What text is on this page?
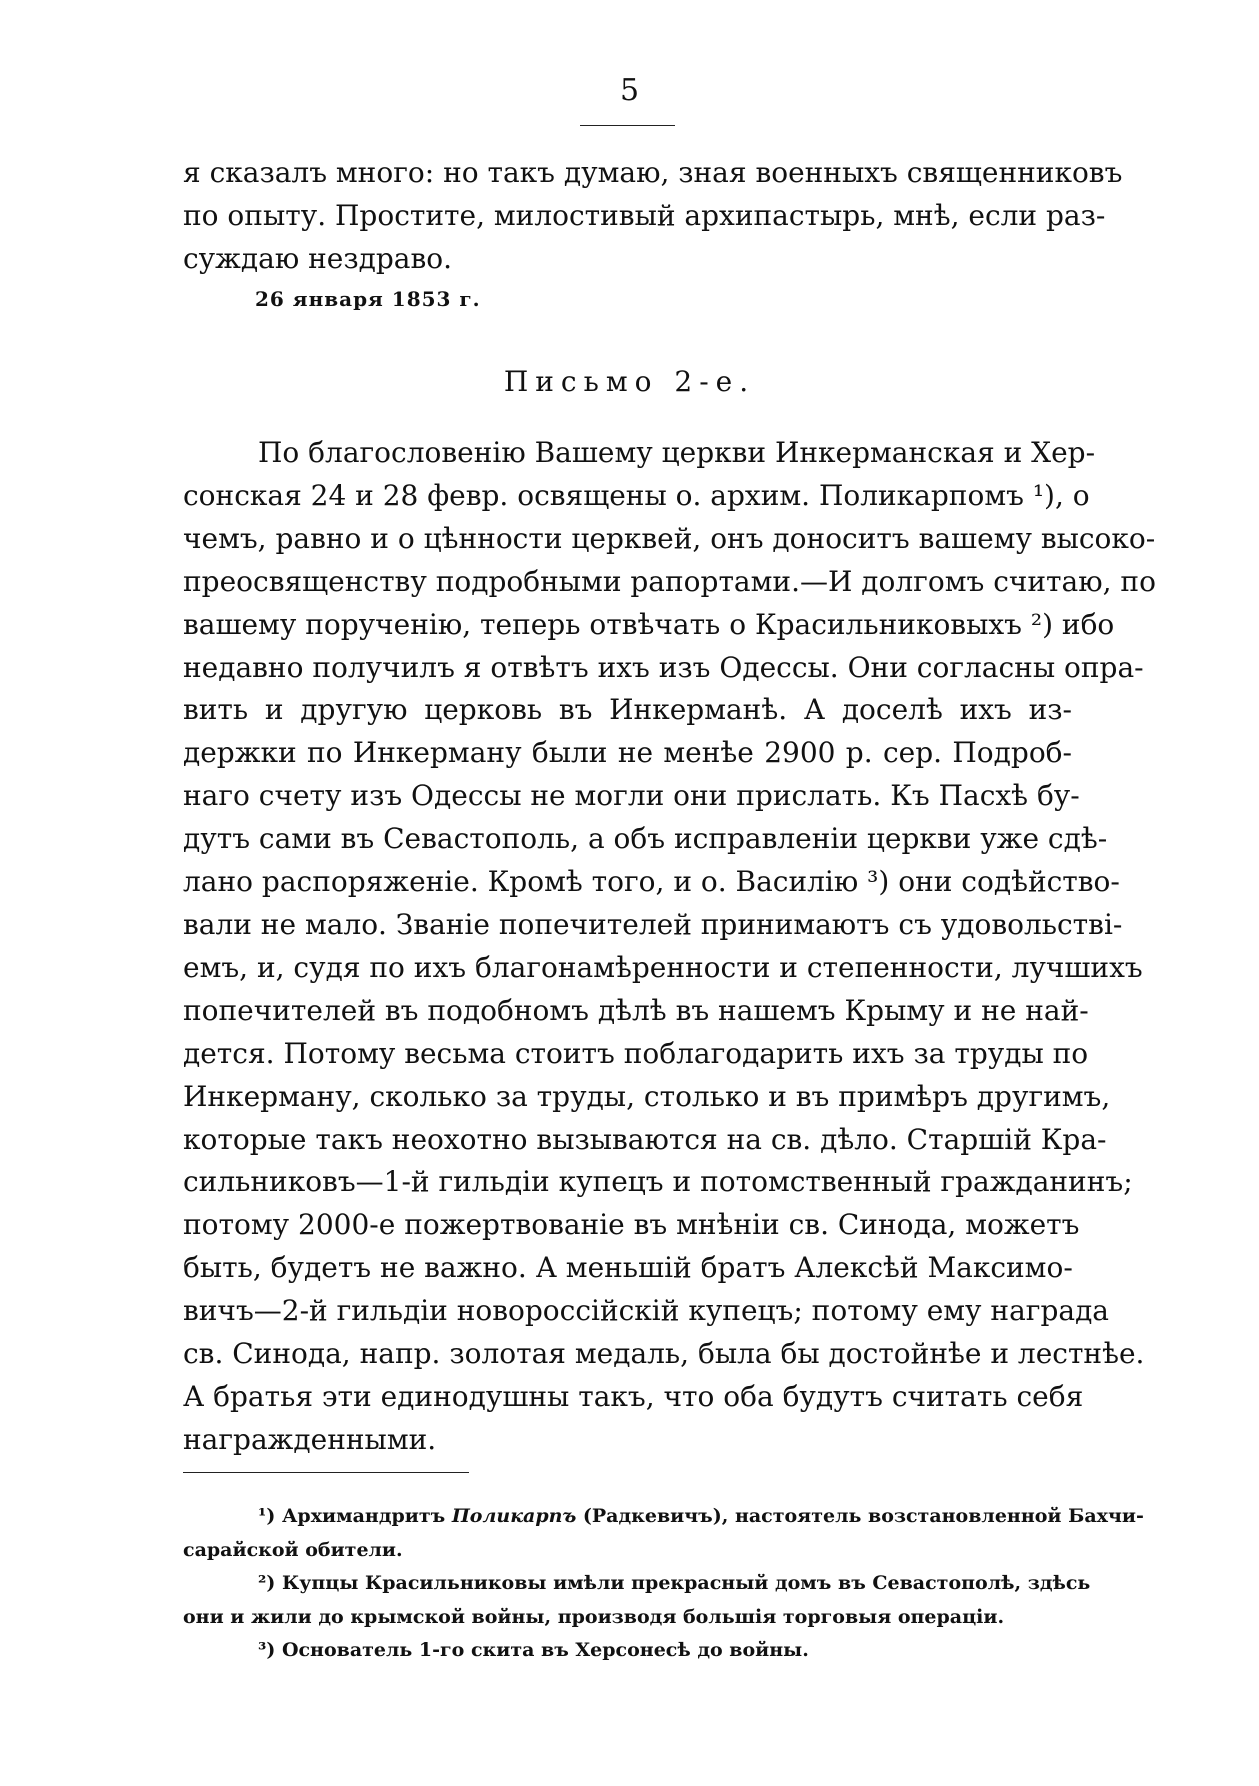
5

я сказалъ много: но такъ думаю, зная военныхъ священниковъ
по опыту. Простите, милостивый архипастырь, мнѣ, если раз-
суждаю нездраво.

26 января 1853 г.
Письмо 2-е.

По благословенію Вашему церкви Инкерманская и Хер-
сонская 24 и 28 февр. освящены о. архим. Поликарпомъ ¹), о
чемъ, равно и о цѣнности церквей, онъ доноситъ вашему высоко-
преосвященству подробными рапортами.—И долгомъ считаю, по
вашему порученію, теперь отвѣчать о Красильниковыхъ ²) ибо
недавно получилъ я отвѣтъ ихъ изъ Одессы. Они согласны опра-
вить и другую церковь въ Инкерманѣ. А доселѣ ихъ из-
держки по Инкерману были не менѣе 2900 р. сер. Подроб-
наго счету изъ Одессы не могли они прислать. Къ Пасхѣ бу-
дутъ сами въ Севастополь, а объ исправленіи церкви уже сдѣ-
лано распоряженіе. Кромѣ того, и о. Василію ³) они содѣйство-
вали не мало. Званіе попечителей принимаютъ съ удовольствi-
емъ, и, судя по ихъ благонамѣренности и степенности, лучшихъ
попечителей въ подобномъ дѣлѣ въ нашемъ Крыму и не най-
дется. Потому весьма стоитъ поблагодарить ихъ за труды по
Инкерману, сколько за труды, столько и въ примѣръ другимъ,
которые такъ неохотно вызываются на св. дѣло. Старшій Кра-
сильниковъ—1-й гильдіи купецъ и потомственный гражданинъ;
потому 2000-е пожертвованіе въ мнѣніи св. Синода, можетъ
быть, будетъ не важно. А меньшій братъ Алексѣй Максимо-
вичъ—2-й гильдіи новороссійскій купецъ; потому ему награда
св. Синода, напр. золотая медаль, была бы достойнѣе и лестнѣе.
А братья эти единодушны такъ, что оба будутъ считать себя
награжденными.

¹) Архимандритъ Поликарпъ (Радкевичъ), настоятель возстановленной Бахчи-
сарайской обители.

²) Купцы Красильниковы имѣли прекрасный домъ въ Севастополѣ, здѣсь
они и жили до крымской войны, производя большія торговыя операціи.

³) Основатель 1-го скита въ Херсонесѣ до войны.
